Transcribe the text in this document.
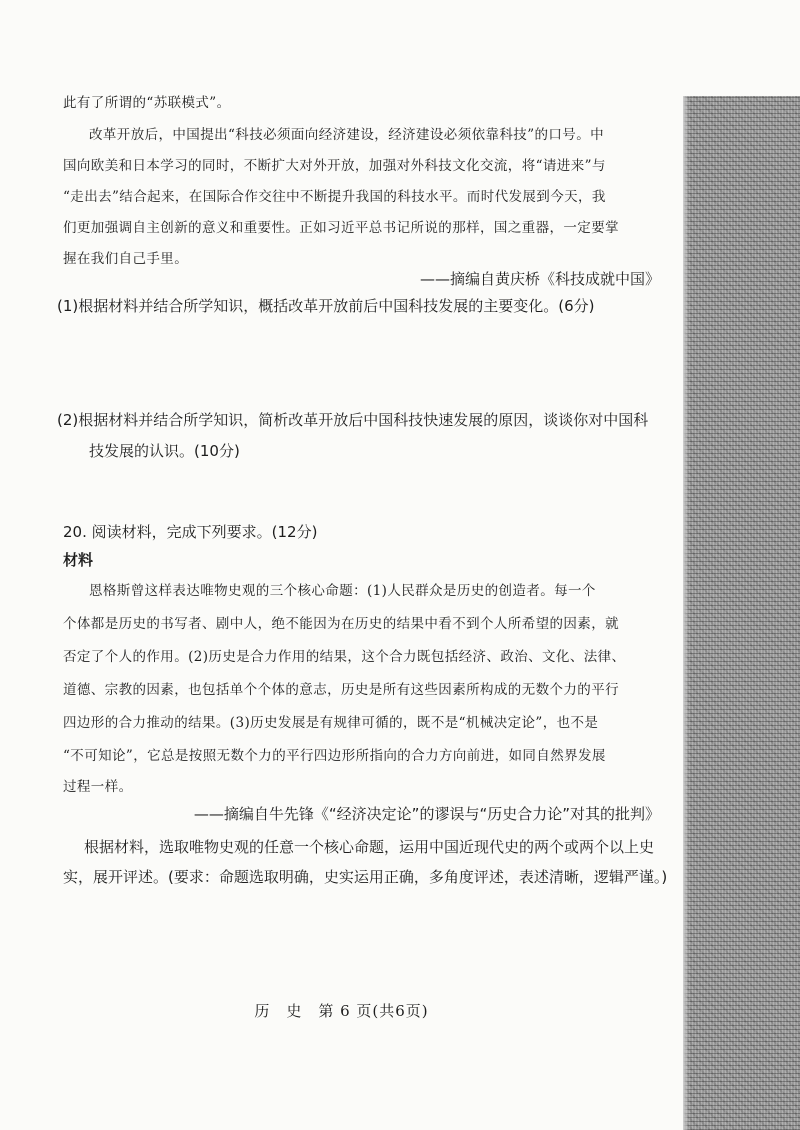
此有了所谓的“苏联模式”。

改革开放后，中国提出“科技必须面向经济建设，经济建设必须依靠科技”的口号。中

国向欧美和日本学习的同时，不断扩大对外开放，加强对外科技文化交流，将“请进来”与

“走出去”结合起来，在国际合作交往中不断提升我国的科技水平。而时代发展到今天，我

们更加强调自主创新的意义和重要性。正如习近平总书记所说的那样，国之重器，一定要掌

握在我们自己手里。

——摘编自黄庆桥《科技成就中国》

(1)根据材料并结合所学知识，概括改革开放前后中国科技发展的主要变化。(6分)

(2)根据材料并结合所学知识，简析改革开放后中国科技快速发展的原因，谈谈你对中国科

技发展的认识。(10分)

20. 阅读材料，完成下列要求。(12分)

材料

恩格斯曾这样表达唯物史观的三个核心命题：(1)人民群众是历史的创造者。每一个

个体都是历史的书写者、剧中人，绝不能因为在历史的结果中看不到个人所希望的因素，就

否定了个人的作用。(2)历史是合力作用的结果，这个合力既包括经济、政治、文化、法律、

道德、宗教的因素，也包括单个个体的意志，历史是所有这些因素所构成的无数个力的平行

四边形的合力推动的结果。(3)历史发展是有规律可循的，既不是“机械决定论”，也不是

“不可知论”，它总是按照无数个力的平行四边形所指向的合力方向前进，如同自然界发展

过程一样。

——摘编自牛先锋《“经济决定论”的谬误与“历史合力论”对其的批判》

根据材料，选取唯物史观的任意一个核心命题，运用中国近现代史的两个或两个以上史

实，展开评述。(要求：命题选取明确，史实运用正确，多角度评述，表述清晰，逻辑严谨。)

历　史　第 6 页(共6页)
